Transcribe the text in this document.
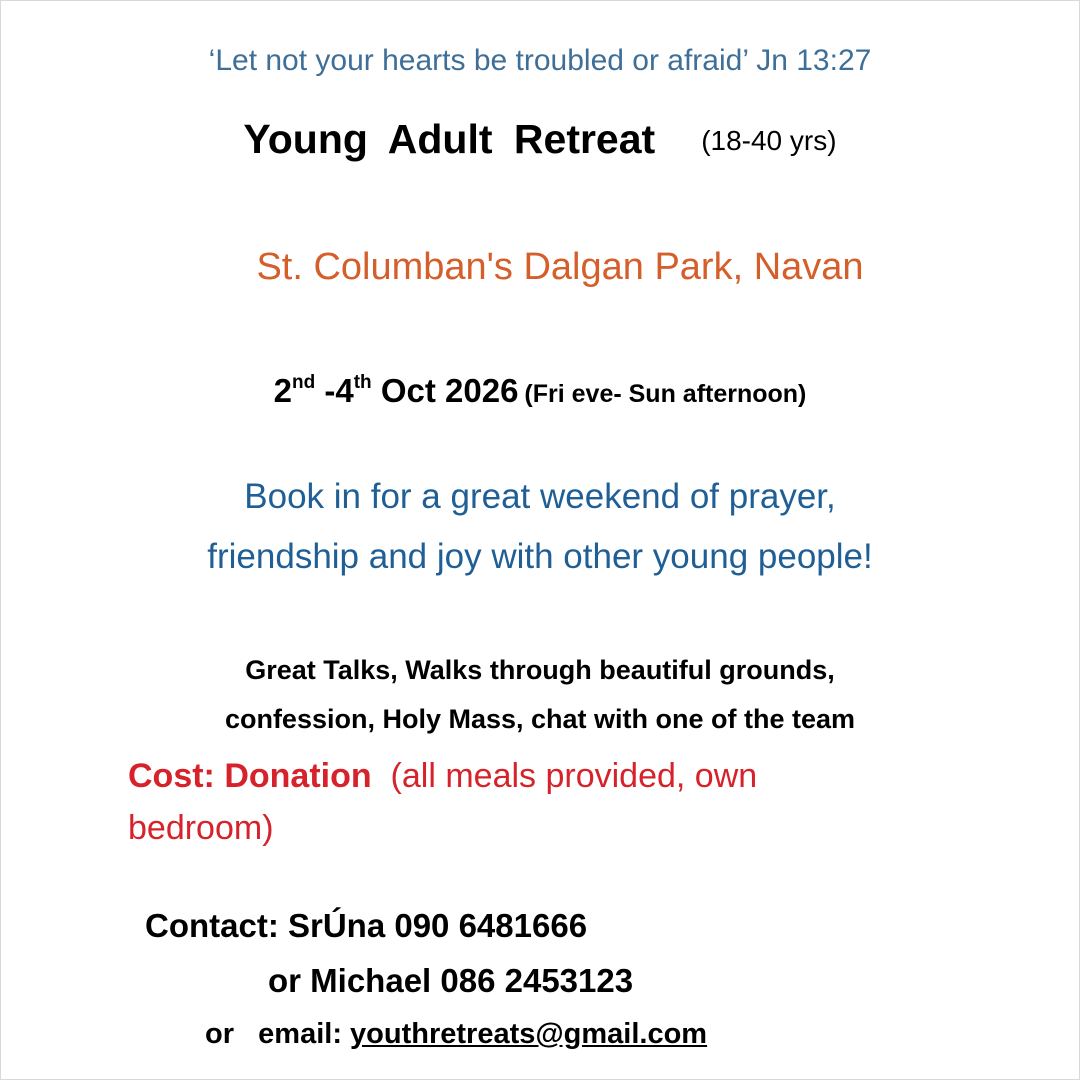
‘Let not your hearts be troubled or afraid’ Jn 13:27

Young Adult Retreat (18-40 yrs)

St. Columban's Dalgan Park, Navan

2nd -4th Oct 2026 (Fri eve- Sun afternoon)

Book in for a great weekend of prayer,

friendship and joy with other young people!

Great Talks, Walks through beautiful grounds,

confession, Holy Mass, chat with one of the team

Cost: Donation (all meals provided, own bedroom)

Contact: SrÚna 090 6481666

or Michael 086 2453123

or   email: youthretreats@gmail.com
